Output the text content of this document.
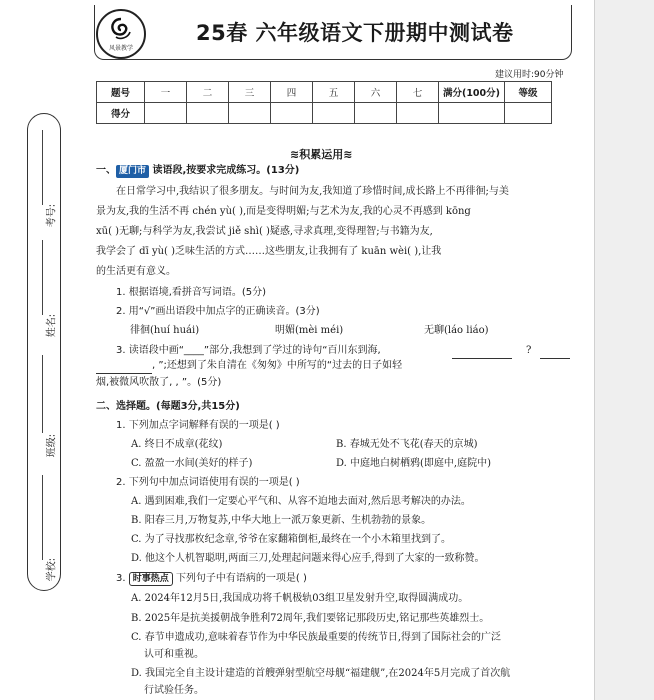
风景教学
25春 六年级语文下册期中测试卷
建议用时:90分钟
题号	一	二	三	四	五	六	七	满分(100分)	等级
得分									
考号:
姓名:
班级:
学校:
≋积累运用≋
一、 厦门市 读语段,按要求完成练习。(13分)
在日常学习中,我结识了很多朋友。与时间为友,我知道了珍惜时间,成长路上不再徘徊;与美
景为友,我的生活不再 chén yù( ),而是变得明媚;与艺术为友,我的心灵不再感到 kōng
xū( )无聊;与科学为友,我尝试 jiě shì( )疑惑,寻求真理,变得理智;与书籍为友,
我学会了 dī yù( )乏味生活的方式……这些朋友,让我拥有了 kuān wèi( ),让我
的生活更有意义。
1. 根据语境,看拼音写词语。(5分)
2. 用“√”画出语段中加点字的正确读音。(3分)
徘徊(huí huái)	明媚(mèi méi)	无聊(láo liáo)
3. 读语段中画“____”部分,我想到了学过的诗句“百川东到海,	?
, ”;还想到了朱自清在《匆匆》中所写的“过去的日子如轻
烟,被微风吹散了, , ”。(5分)
二、选择题。(每题3分,共15分)
1. 下列加点字词解释有误的一项是( )
A. 终日不成章(花纹)	B. 春城无处不飞花(春天的京城)
C. 盈盈一水间(美好的样子)	D. 中庭地白树栖鸦(即庭中,庭院中)
2. 下列句中加点词语使用有误的一项是( )
A. 遇到困难,我们一定要心平气和、从容不迫地去面对,然后思考解决的办法。
B. 阳春三月,万物复苏,中华大地上一派万象更新、生机勃勃的景象。
C. 为了寻找那枚纪念章,爷爷在家翻箱倒柜,最终在一个小木箱里找到了。
D. 他这个人机智聪明,两面三刀,处理起问题来得心应手,得到了大家的一致称赞。
3. 时事热点 下列句子中有语病的一项是( )
A. 2024年12月5日,我国成功将千帆极轨03组卫星发射升空,取得圆满成功。
B. 2025年是抗美援朝战争胜利72周年,我们要铭记那段历史,铭记那些英雄烈士。
C. 春节申遗成功,意味着春节作为中华民族最重要的传统节日,得到了国际社会的广泛
认可和重视。
D. 我国完全自主设计建造的首艘弹射型航空母舰“福建舰”,在2024年5月完成了首次航
行试验任务。
